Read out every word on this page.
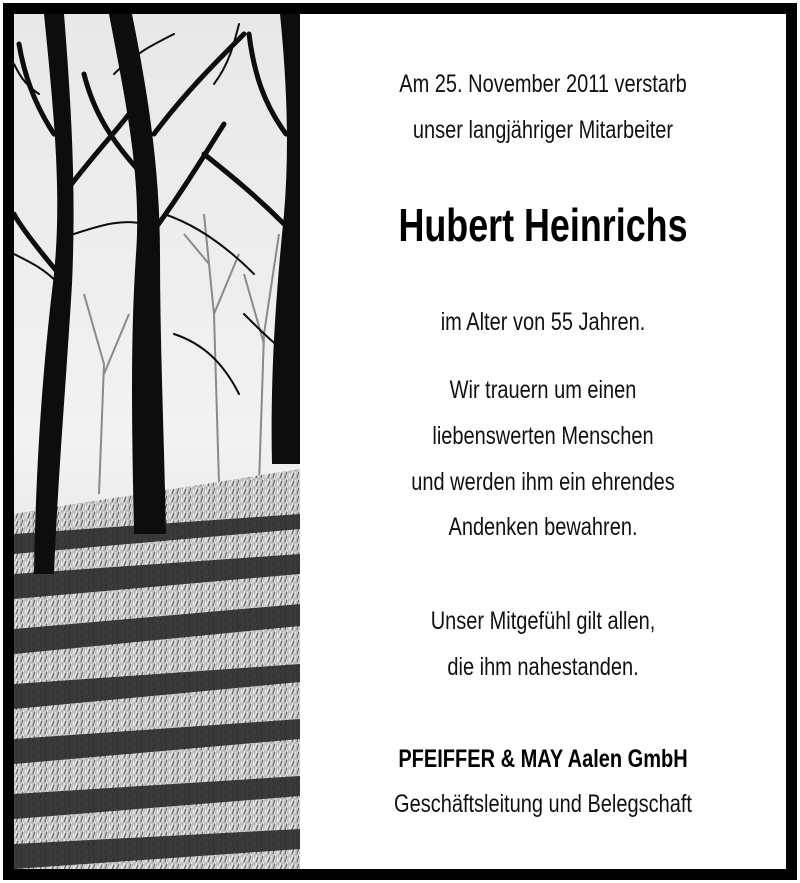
Am 25. November 2011 verstarb
unser langjähriger Mitarbeiter
Hubert Heinrichs
im Alter von 55 Jahren.
Wir trauern um einen
liebenswerten Menschen
und werden ihm ein ehrendes
Andenken bewahren.
Unser Mitgefühl gilt allen,
die ihm nahestanden.
PFEIFFER & MAY Aalen GmbH
Geschäftsleitung und Belegschaft
